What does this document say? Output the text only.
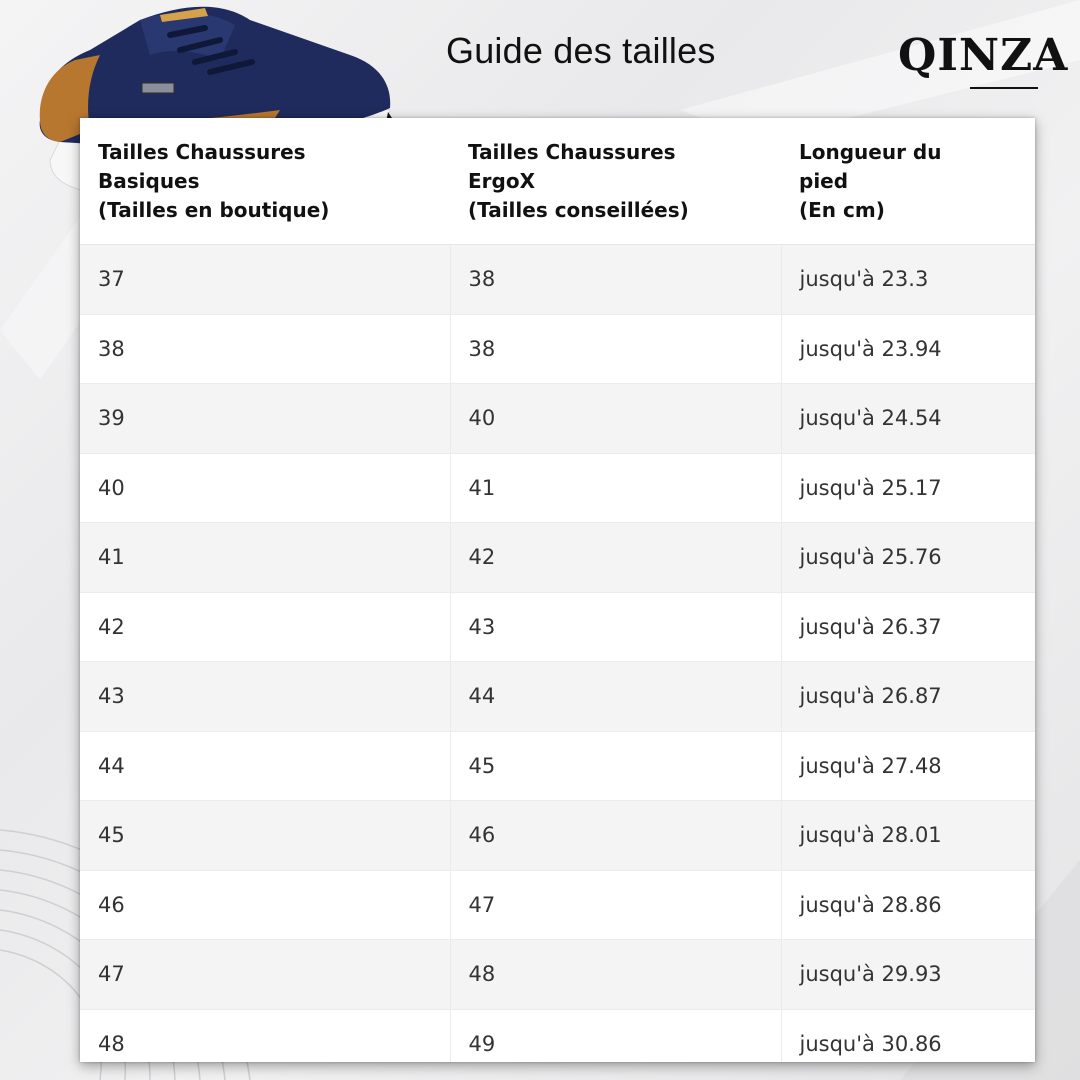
Guide des tailles	QINZA
Tailles Chaussures
Basiques
(Tailles en boutique)	Tailles Chaussures
ErgoX
(Tailles conseillées)	Longueur du
pied
(En cm)

37	38	jusqu'à 23.3
38	38	jusqu'à 23.94
39	40	jusqu'à 24.54
40	41	jusqu'à 25.17
41	42	jusqu'à 25.76
42	43	jusqu'à 26.37
43	44	jusqu'à 26.87
44	45	jusqu'à 27.48
45	46	jusqu'à 28.01
46	47	jusqu'à 28.86
47	48	jusqu'à 29.93
48	49	jusqu'à 30.86
